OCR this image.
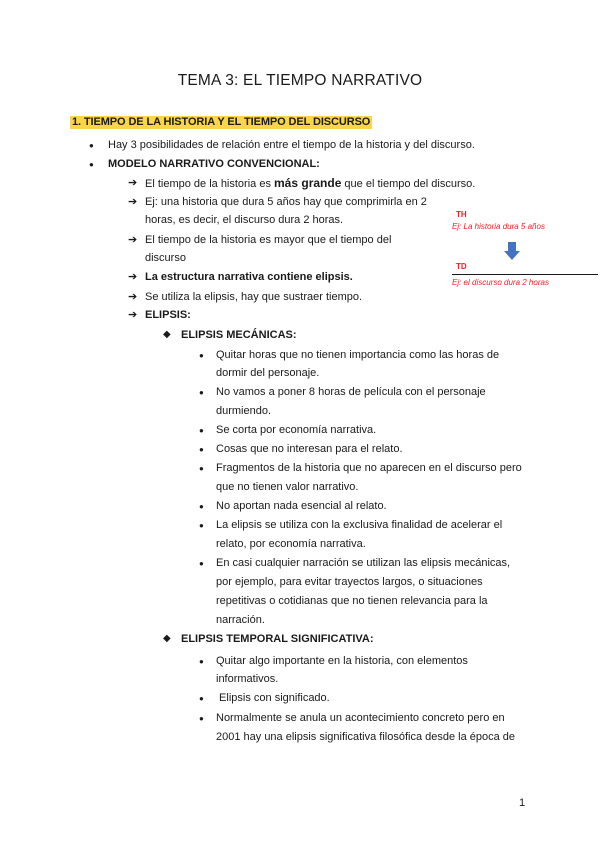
TEMA 3: EL TIEMPO NARRATIVO
1. TIEMPO DE LA HISTORIA Y EL TIEMPO DEL DISCURSO
● Hay 3 posibilidades de relación entre el tiempo de la historia y del discurso.
● MODELO NARRATIVO CONVENCIONAL:
➔ El tiempo de la historia es más grande que el tiempo del discurso.
➔ Ej: una historia que dura 5 años hay que comprimirla en 2
horas, es decir, el discurso dura 2 horas.
➔ El tiempo de la historia es mayor que el tiempo del
discurso
➔ La estructura narrativa contiene elipsis.
➔ Se utiliza la elipsis, hay que sustraer tiempo.
➔ ELIPSIS:
◆ ELIPSIS MECÁNICAS:
● Quitar horas que no tienen importancia como las horas de
dormir del personaje.
● No vamos a poner 8 horas de película con el personaje
durmiendo.
● Se corta por economía narrativa.
● Cosas que no interesan para el relato.
● Fragmentos de la historia que no aparecen en el discurso pero
que no tienen valor narrativo.
● No aportan nada esencial al relato.
● La elipsis se utiliza con la exclusiva finalidad de acelerar el
relato, por economía narrativa.
● En casi cualquier narración se utilizan las elipsis mecánicas,
por ejemplo, para evitar trayectos largos, o situaciones
repetitivas o cotidianas que no tienen relevancia para la
narración.
◆ ELIPSIS TEMPORAL SIGNIFICATIVA:
● Quitar algo importante en la historia, con elementos
informativos.
● Elipsis con significado.
● Normalmente se anula un acontecimiento concreto pero en
2001 hay una elipsis significativa filosófica desde la época de
TH
Ej: La historia dura 5 años
TD
Ej: el discurso dura 2 horas
1
